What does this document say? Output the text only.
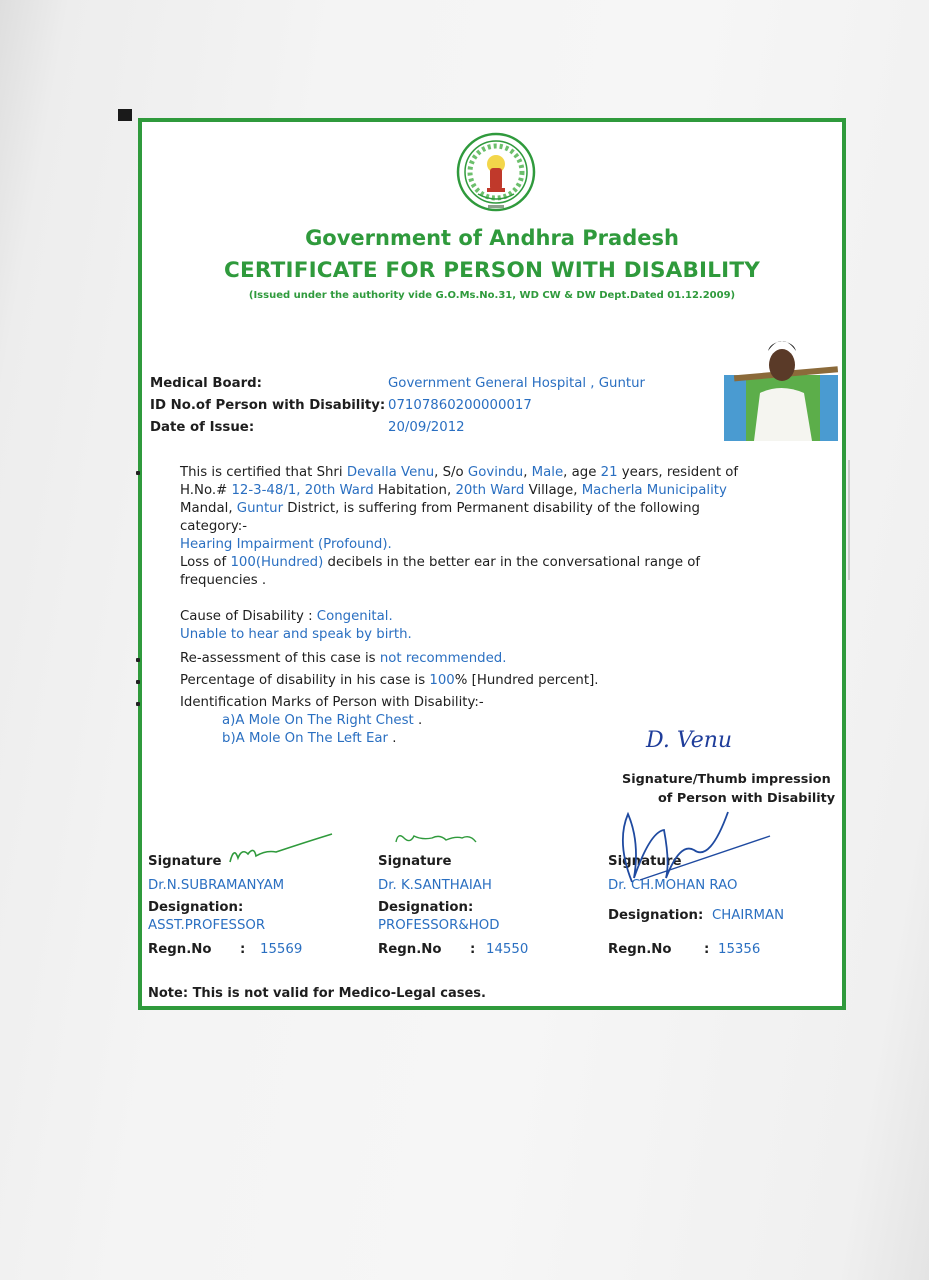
Government of Andhra Pradesh
CERTIFICATE FOR PERSON WITH DISABILITY
(Issued under the authority vide G.O.Ms.No.31, WD CW & DW Dept.Dated 01.12.2009)
Medical Board:	Government General Hospital , Guntur
ID No.of Person with Disability: 07107860200000017
Date of Issue:	20/09/2012
This is certified that Shri Devalla Venu, S/o Govindu, Male, age 21 years, resident of
H.No.# 12-3-48/1, 20th Ward Habitation, 20th Ward Village, Macherla Municipality
Mandal, Guntur District, is suffering from Permanent disability of the following
category:-
Hearing Impairment (Profound).
Loss of 100(Hundred) decibels in the better ear in the conversational range of
frequencies .
Cause of Disability : Congenital.
Unable to hear and speak by birth.
Re-assessment of this case is not recommended.
Percentage of disability in his case is 100% [Hundred percent].
Identification Marks of Person with Disability:-
a)A Mole On The Right Chest .
b)A Mole On The Left Ear .	D. Venu
Signature/Thumb impression
of Person with Disability
Signature
Dr.N.SUBRAMANYAM
Designation:
ASST.PROFESSOR
Regn.No : 15569
Signature
Dr. K.SANTHAIAH
Designation:
PROFESSOR&HOD
Regn.No : 14550
Signature
Dr. CH.MOHAN RAO
Designation: CHAIRMAN
Regn.No : 15356
Note: This is not valid for Medico-Legal cases.
